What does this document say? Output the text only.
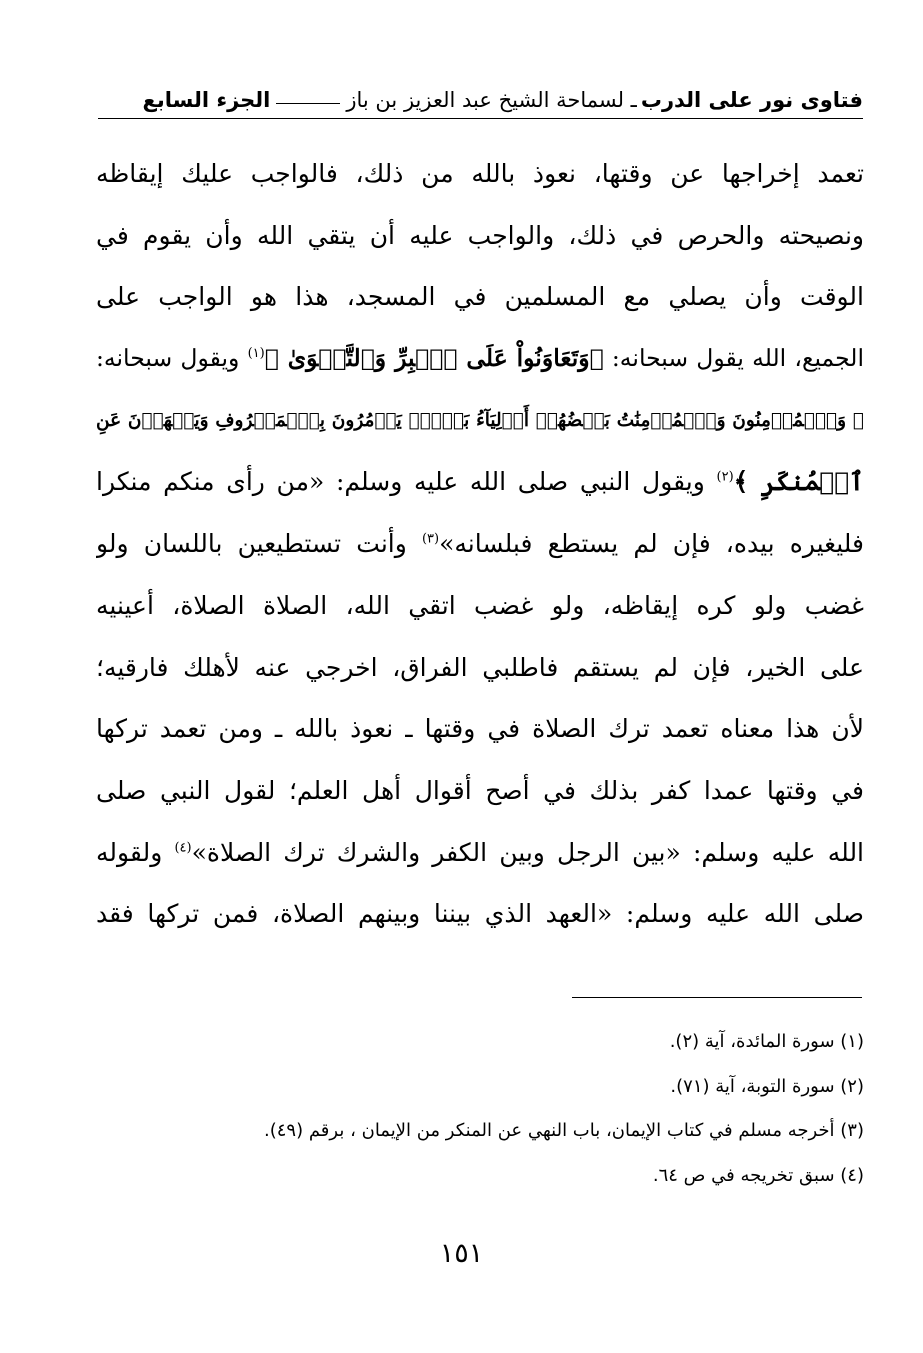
فتاوى نور على الدرب
ـ لسماحة الشيخ عبد العزيز بن باز
الجزء السابع
تعمد إخراجها عن وقتها، نعوذ بالله من ذلك، فالواجب عليك إيقاظه
ونصيحته والحرص في ذلك، والواجب عليه أن يتقي الله وأن يقوم في
الوقت وأن يصلي مع المسلمين في المسجد، هذا هو الواجب على
الجميع، الله يقول سبحانه: ﴿وَتَعَاوَنُواْ عَلَى ٱلۡبِرِّ وَٱلتَّقۡوَىٰ ﴾$^{(١)}$ ويقول سبحانه:
﴿ وَٱلۡمُؤۡمِنُونَ وَٱلۡمُؤۡمِنَٰتُ بَعۡضُهُمۡ أَوۡلِيَآءُ بَعۡضٖۚ يَأۡمُرُونَ بِٱلۡمَعۡرُوفِ وَيَنۡهَوۡنَ عَنِ
ٱلۡمُنكَرِ ﴾$^{(٢)}$ ويقول النبي صلى الله عليه وسلم: «من رأى منكم منكرا
فليغيره بيده، فإن لم يستطع فبلسانه»$^{(٣)}$ وأنت تستطيعين باللسان ولو
غضب ولو كره إيقاظه، ولو غضب اتقي الله، الصلاة الصلاة، أعينيه
على الخير، فإن لم يستقم فاطلبي الفراق، اخرجي عنه لأهلك فارقيه؛
لأن هذا معناه تعمد ترك الصلاة في وقتها ـ نعوذ بالله ـ ومن تعمد تركها
في وقتها عمدا كفر بذلك في أصح أقوال أهل العلم؛ لقول النبي صلى
الله عليه وسلم: «بين الرجل وبين الكفر والشرك ترك الصلاة»$^{(٤)}$ ولقوله
صلى الله عليه وسلم: «العهد الذي بيننا وبينهم الصلاة، فمن تركها فقد
(١) سورة المائدة، آية (٢).
(٢) سورة التوبة، آية (٧١).
(٣) أخرجه مسلم في كتاب الإيمان، باب النهي عن المنكر من الإيمان ، برقم (٤٩).
(٤) سبق تخريجه في ص ٦٤.
١٥١
